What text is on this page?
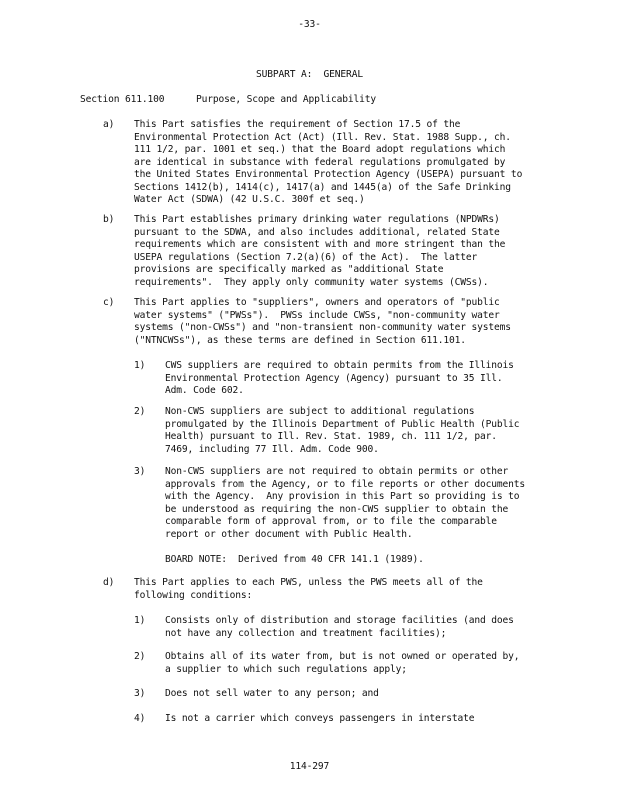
-33-
SUBPART A:  GENERAL
Section 611.100	Purpose, Scope and Applicability
a) This Part satisfies the requirement of Section 17.5 of the
Environmental Protection Act (Act) (Ill. Rev. Stat. 1988 Supp., ch.
111 1/2, par. 1001 et seq.) that the Board adopt regulations which
are identical in substance with federal regulations promulgated by
the United States Environmental Protection Agency (USEPA) pursuant to
Sections 1412(b), 1414(c), 1417(a) and 1445(a) of the Safe Drinking
Water Act (SDWA) (42 U.S.C. 300f et seq.)
b) This Part establishes primary drinking water regulations (NPDWRs)
pursuant to the SDWA, and also includes additional, related State
requirements which are consistent with and more stringent than the
USEPA regulations (Section 7.2(a)(6) of the Act).  The latter
provisions are specifically marked as "additional State
requirements".  They apply only community water systems (CWSs).
c) This Part applies to "suppliers", owners and operators of "public
water systems" ("PWSs").  PWSs include CWSs, "non-community water
systems ("non-CWSs") and "non-transient non-community water systems
("NTNCWSs"), as these terms are defined in Section 611.101.
1) CWS suppliers are required to obtain permits from the Illinois
Environmental Protection Agency (Agency) pursuant to 35 Ill.
Adm. Code 602.
2) Non-CWS suppliers are subject to additional regulations
promulgated by the Illinois Department of Public Health (Public
Health) pursuant to Ill. Rev. Stat. 1989, ch. 111 1/2, par.
7469, including 77 Ill. Adm. Code 900.
3) Non-CWS suppliers are not required to obtain permits or other
approvals from the Agency, or to file reports or other documents
with the Agency.  Any provision in this Part so providing is to
be understood as requiring the non-CWS supplier to obtain the
comparable form of approval from, or to file the comparable
report or other document with Public Health.
BOARD NOTE:  Derived from 40 CFR 141.1 (1989).
d) This Part applies to each PWS, unless the PWS meets all of the
following conditions:
1) Consists only of distribution and storage facilities (and does
not have any collection and treatment facilities);
2) Obtains all of its water from, but is not owned or operated by,
a supplier to which such regulations apply;
3) Does not sell water to any person; and
4) Is not a carrier which conveys passengers in interstate
114-297
